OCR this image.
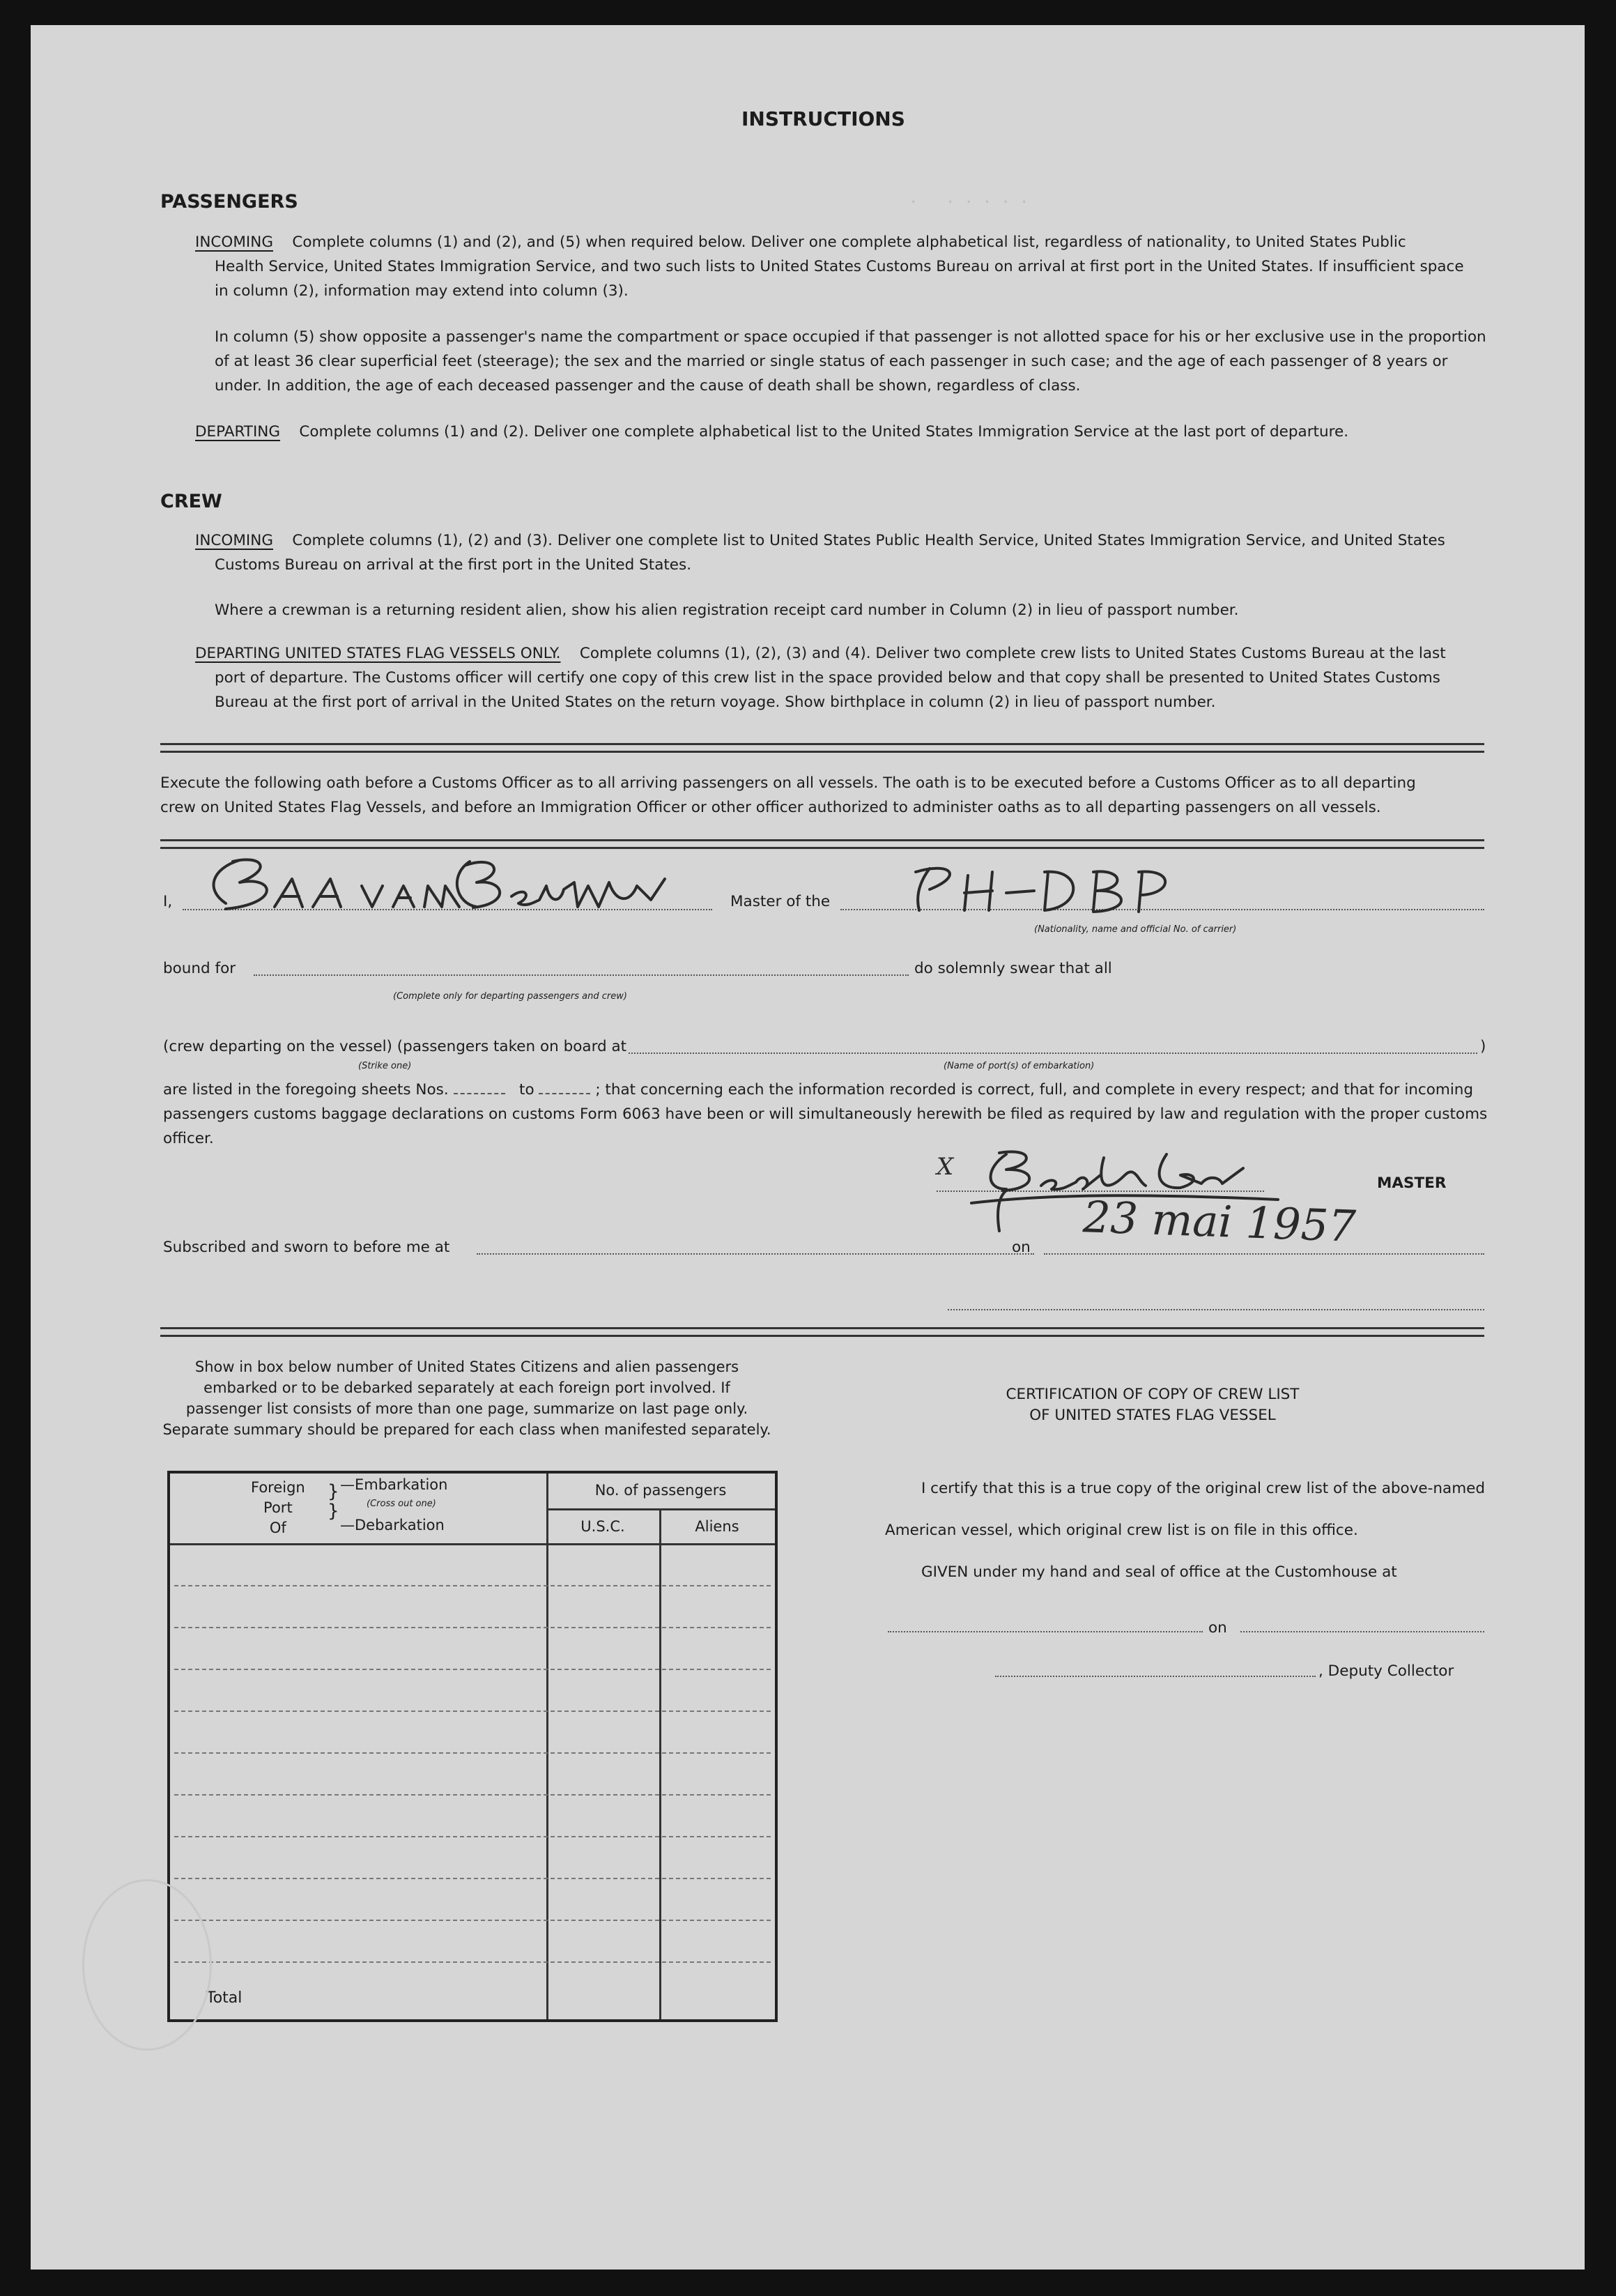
INSTRUCTIONS
.   . . . . .
PASSENGERS
INCOMING Complete columns (1) and (2), and (5) when required below. Deliver one complete alphabetical list, regardless of nationality, to United States Public
Health Service, United States Immigration Service, and two such lists to United States Customs Bureau on arrival at first port in the United States. If insufficient space
in column (2), information may extend into column (3).
In column (5) show opposite a passenger's name the compartment or space occupied if that passenger is not allotted space for his or her exclusive use in the proportion
of at least 36 clear superficial feet (steerage); the sex and the married or single status of each passenger in such case; and the age of each passenger of 8 years or
under. In addition, the age of each deceased passenger and the cause of death shall be shown, regardless of class.
DEPARTING Complete columns (1) and (2). Deliver one complete alphabetical list to the United States Immigration Service at the last port of departure.
CREW
INCOMING Complete columns (1), (2) and (3). Deliver one complete list to United States Public Health Service, United States Immigration Service, and United States
Customs Bureau on arrival at the first port in the United States.
Where a crewman is a returning resident alien, show his alien registration receipt card number in Column (2) in lieu of passport number.
DEPARTING UNITED STATES FLAG VESSELS ONLY. Complete columns (1), (2), (3) and (4). Deliver two complete crew lists to United States Customs Bureau at the last
port of departure. The Customs officer will certify one copy of this crew list in the space provided below and that copy shall be presented to United States Customs
Bureau at the first port of arrival in the United States on the return voyage. Show birthplace in column (2) in lieu of passport number.
Execute the following oath before a Customs Officer as to all arriving passengers on all vessels. The oath is to be executed before a Customs Officer as to all departing
crew on United States Flag Vessels, and before an Immigration Officer or other officer authorized to administer oaths as to all departing passengers on all vessels.
I,	Master of the
(Nationality, name and official No. of carrier)
bound for
(Complete only for departing passengers and crew)
do solemnly swear that all
(crew departing on the vessel) (passengers taken on board at	)
(Strike one)	(Name of port(s) of embarkation)
are listed in the foregoing sheets Nos.	to	; that concerning each the information recorded is correct, full, and complete in every respect; and that for incoming
passengers customs baggage declarations on customs Form 6063 have been or will simultaneously herewith be filed as required by law and regulation with the proper customs
officer.
X
MASTER
Subscribed and sworn to before me at	on 23 mai 1957
Show in box below number of United States Citizens and alien passengers
embarked or to be debarked separately at each foreign port involved. If
passenger list consists of more than one page, summarize on last page only.
Separate summary should be prepared for each class when manifested separately.
Foreign
Port
Of
}
}
—Embarkation
(Cross out one)
—Debarkation
No. of passengers
U.S.C.	Aliens
Total
CERTIFICATION OF COPY OF CREW LIST
OF UNITED STATES FLAG VESSEL
I certify that this is a true copy of the original crew list of the above-named
American vessel, which original crew list is on file in this office.
GIVEN under my hand and seal of office at the Customhouse at
on
, Deputy Collector
